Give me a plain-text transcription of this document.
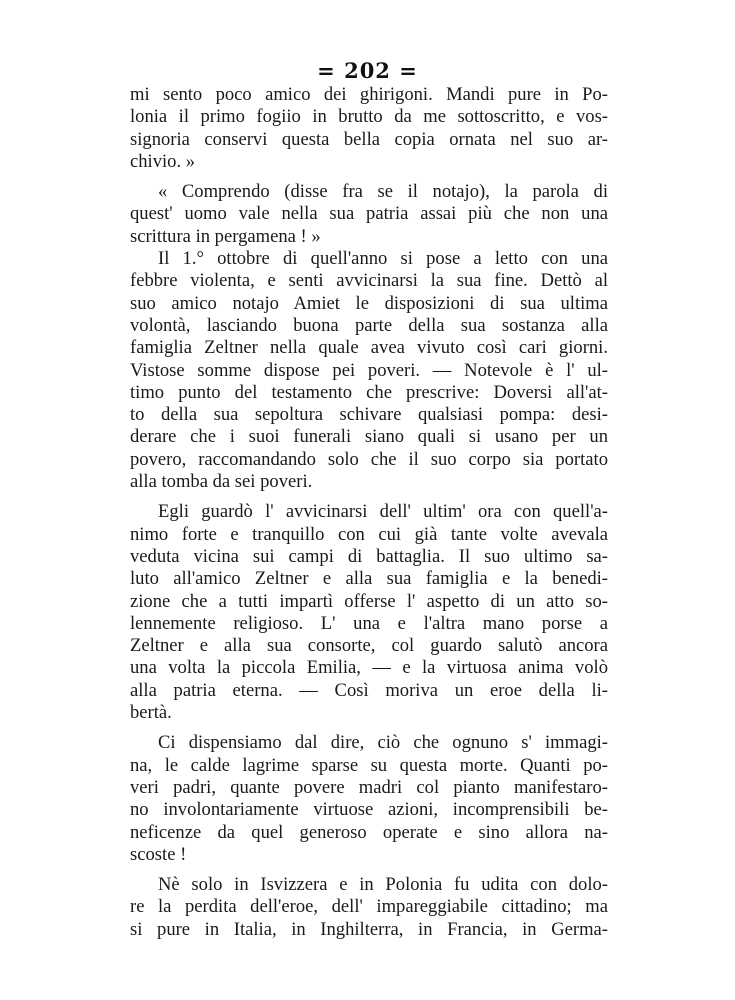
= 202 =
mi sento poco amico dei ghirigoni. Mandi pure in Po-
lonia il primo fogiio in brutto da me sottoscritto, e vos-
signoria conservi questa bella copia ornata nel suo ar-
chivio. »
« Comprendo (disse fra se il notajo), la parola di
quest' uomo vale nella sua patria assai più che non una
scrittura in pergamena ! »
Il 1.° ottobre di quell'anno si pose a letto con una
febbre violenta, e senti avvicinarsi la sua fine. Dettò al
suo amico notajo Amiet le disposizioni di sua ultima
volontà, lasciando buona parte della sua sostanza alla
famiglia Zeltner nella quale avea vivuto così cari giorni.
Vistose somme dispose pei poveri. — Notevole è l' ul-
timo punto del testamento che prescrive: Doversi all'at-
to della sua sepoltura schivare qualsiasi pompa: desi-
derare che i suoi funerali siano quali si usano per un
povero, raccomandando solo che il suo corpo sia portato
alla tomba da sei poveri.
Egli guardò l' avvicinarsi dell' ultim' ora con quell'a-
nimo forte e tranquillo con cui già tante volte avevala
veduta vicina sui campi di battaglia. Il suo ultimo sa-
luto all'amico Zeltner e alla sua famiglia e la benedi-
zione che a tutti impartì offerse l' aspetto di un atto so-
lennemente religioso. L' una e l'altra mano porse a
Zeltner e alla sua consorte, col guardo salutò ancora
una volta la piccola Emilia, — e la virtuosa anima volò
alla patria eterna. — Così moriva un eroe della li-
bertà.
Ci dispensiamo dal dire, ciò che ognuno s' immagi-
na, le calde lagrime sparse su questa morte. Quanti po-
veri padri, quante povere madri col pianto manifestaro-
no involontariamente virtuose azioni, incomprensibili be-
neficenze da quel generoso operate e sino allora na-
scoste !
Nè solo in Isvizzera e in Polonia fu udita con dolo-
re la perdita dell'eroe, dell' impareggiabile cittadino; ma
si pure in Italia, in Inghilterra, in Francia, in Germa-
